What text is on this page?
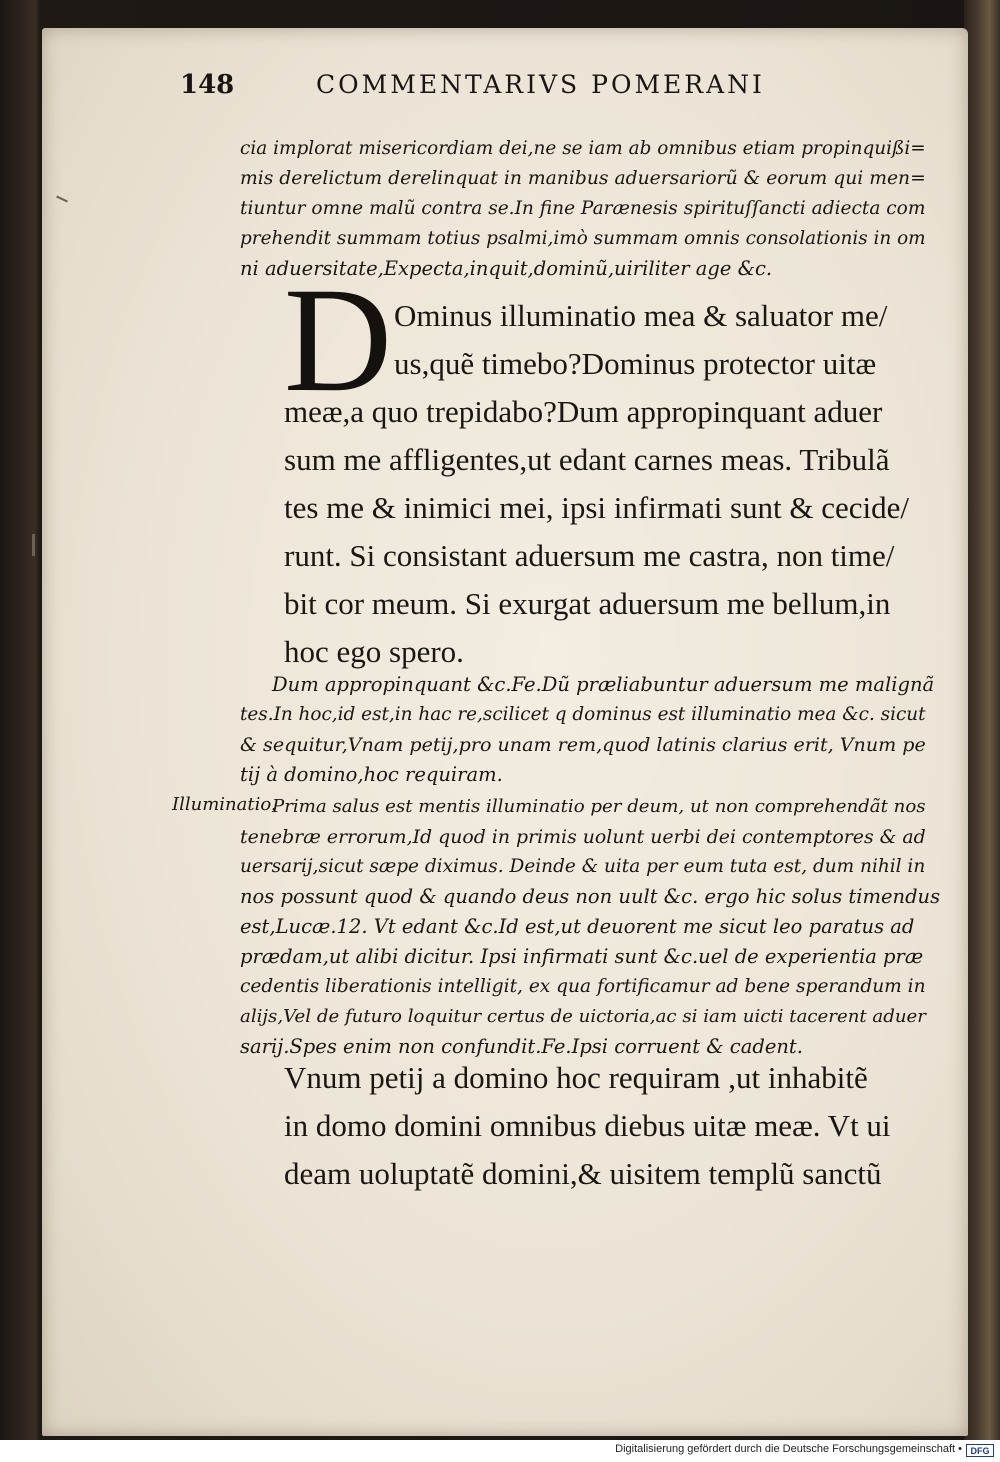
148	COMMENTARIVS POMERANI
cia implorat misericordiam dei,ne se iam ab omnibus etiam propinquißi=
mis derelictum derelinquat in manibus aduersariorũ & eorum qui men=
tiuntur omne malũ contra se.In fine Parænesis spirituſſancti adiecta com
prehendit summam totius psalmi,imò summam omnis consolationis in om
ni aduersitate,Expecta,inquit,dominũ,uiriliter age &c.
D Ominus illuminatio mea & saluator me/
us,quẽ timebo?Dominus protector uitæ
meæ,a quo trepidabo?Dum appropinquant aduer
sum me affligentes,ut edant carnes meas. Tribulã
tes me & inimici mei, ipsi infirmati sunt & cecide/
runt. Si consistant aduersum me castra, non time/
bit cor meum. Si exurgat aduersum me bellum,in
hoc ego spero.
Dum appropinquant &c.Fe.Dũ præliabuntur aduersum me malignã
tes.In hoc,id est,in hac re,scilicet q dominus est illuminatio mea &c. sicut
& sequitur,Vnam petij,pro unam rem,quod latinis clarius erit, Vnum pe
tij à domino,hoc requiram.
Illuminatio.
Prima salus est mentis illuminatio per deum, ut non comprehendãt nos
tenebræ errorum,Id quod in primis uolunt uerbi dei contemptores & ad
uersarij,sicut sæpe diximus. Deinde & uita per eum tuta est, dum nihil in
nos possunt quod & quando deus non uult &c. ergo hic solus timendus
est,Lucæ.12. Vt edant &c.Id est,ut deuorent me sicut leo paratus ad
prædam,ut alibi dicitur. Ipsi infirmati sunt &c.uel de experientia præ
cedentis liberationis intelligit, ex qua fortificamur ad bene sperandum in
alijs,Vel de futuro loquitur certus de uictoria,ac si iam uicti tacerent aduer
sarij.Spes enim non confundit.Fe.Ipsi corruent & cadent.
Vnum petij a domino hoc requiram ,ut inhabitẽ
in domo domini omnibus diebus uitæ meæ. Vt ui
deam uoluptatẽ domini,& uisitem templũ sanctũ
Digitalisierung gefördert durch die Deutsche Forschungsgemeinschaft • DFG
